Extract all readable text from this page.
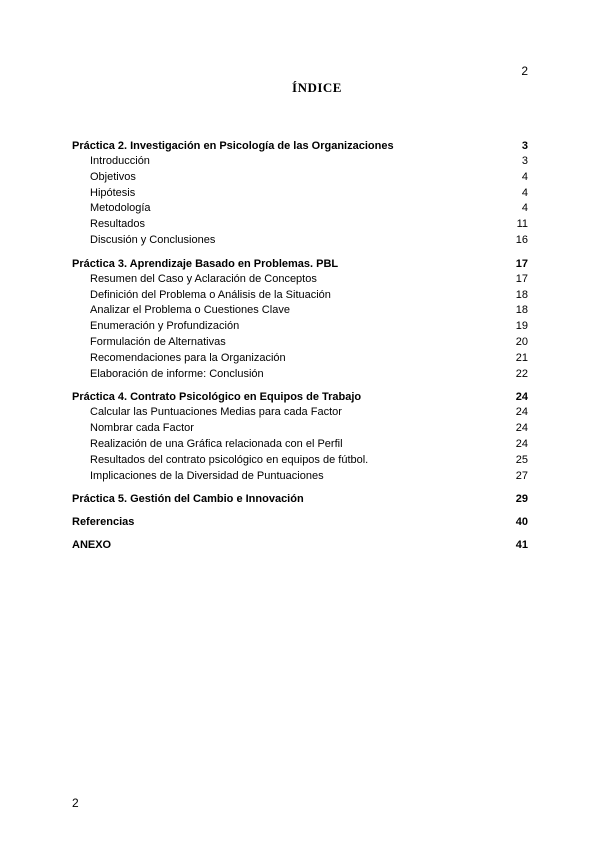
2
ÍNDICE
Práctica 2. Investigación en Psicología de las Organizaciones	3
Introducción	3
Objetivos	4
Hipótesis	4
Metodología	4
Resultados	11
Discusión y Conclusiones	16
Práctica 3. Aprendizaje Basado en Problemas. PBL	17
Resumen del Caso y Aclaración de Conceptos	17
Definición del Problema o Análisis de la Situación	18
Analizar el Problema o Cuestiones Clave	18
Enumeración y Profundización	19
Formulación de Alternativas	20
Recomendaciones para la Organización	21
Elaboración de informe: Conclusión	22
Práctica 4. Contrato Psicológico en Equipos de Trabajo	24
Calcular las Puntuaciones Medias para cada Factor	24
Nombrar cada Factor	24
Realización de una Gráfica relacionada con el Perfil	24
Resultados del contrato psicológico en equipos de fútbol.	25
Implicaciones de la Diversidad de Puntuaciones	27
Práctica 5. Gestión del Cambio e Innovación	29
Referencias	40
ANEXO	41
2
